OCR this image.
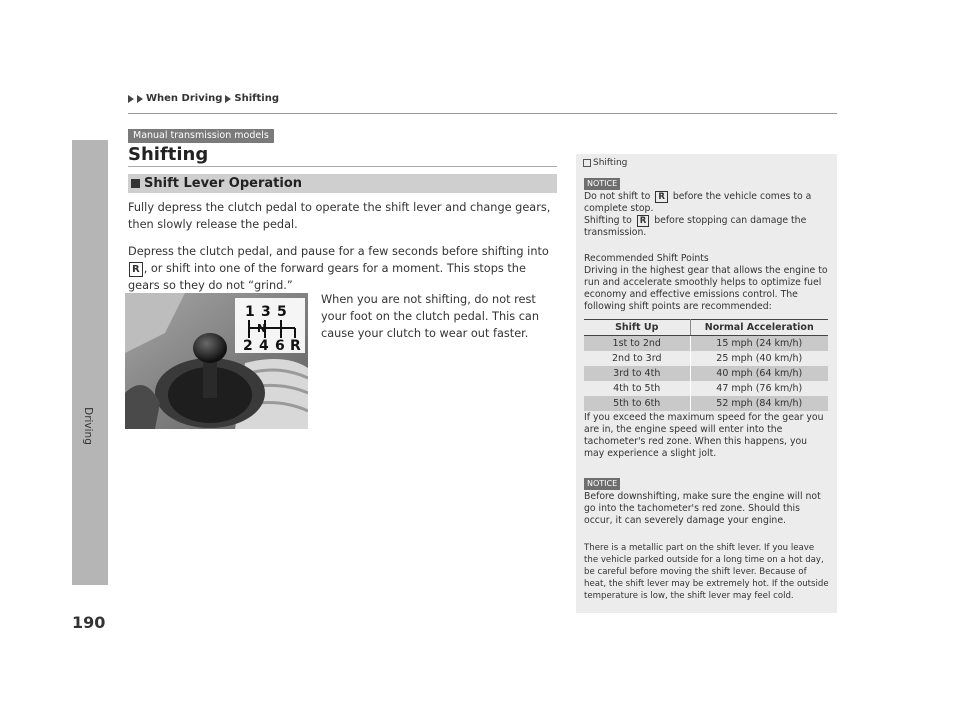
When Driving Shifting
Driving
190
Manual transmission models
Shifting
Shift Lever Operation
Fully depress the clutch pedal to operate the shift lever and change gears, then slowly release the pedal.
Depress the clutch pedal, and pause for a few seconds before shifting into R , or shift into one of the forward gears for a moment. This stops the gears so they do not “grind.”
When you are not shifting, do not rest your foot on the clutch pedal. This can cause your clutch to wear out faster.
1 3 5
N
2 4 6 R
Shifting
NOTICE
Do not shift to R before the vehicle comes to a complete stop.
Shifting to R before stopping can damage the transmission.
Recommended Shift Points
Driving in the highest gear that allows the engine to run and accelerate smoothly helps to optimize fuel economy and effective emissions control. The following shift points are recommended:
Shift Up	Normal Acceleration
1st to 2nd	15 mph (24 km/h)
2nd to 3rd	25 mph (40 km/h)
3rd to 4th	40 mph (64 km/h)
4th to 5th	47 mph (76 km/h)
5th to 6th	52 mph (84 km/h)
If you exceed the maximum speed for the gear you are in, the engine speed will enter into the tachometer's red zone. When this happens, you may experience a slight jolt.
NOTICE
Before downshifting, make sure the engine will not go into the tachometer's red zone. Should this occur, it can severely damage your engine.
There is a metallic part on the shift lever. If you leave the vehicle parked outside for a long time on a hot day, be careful before moving the shift lever. Because of heat, the shift lever may be extremely hot. If the outside temperature is low, the shift lever may feel cold.
